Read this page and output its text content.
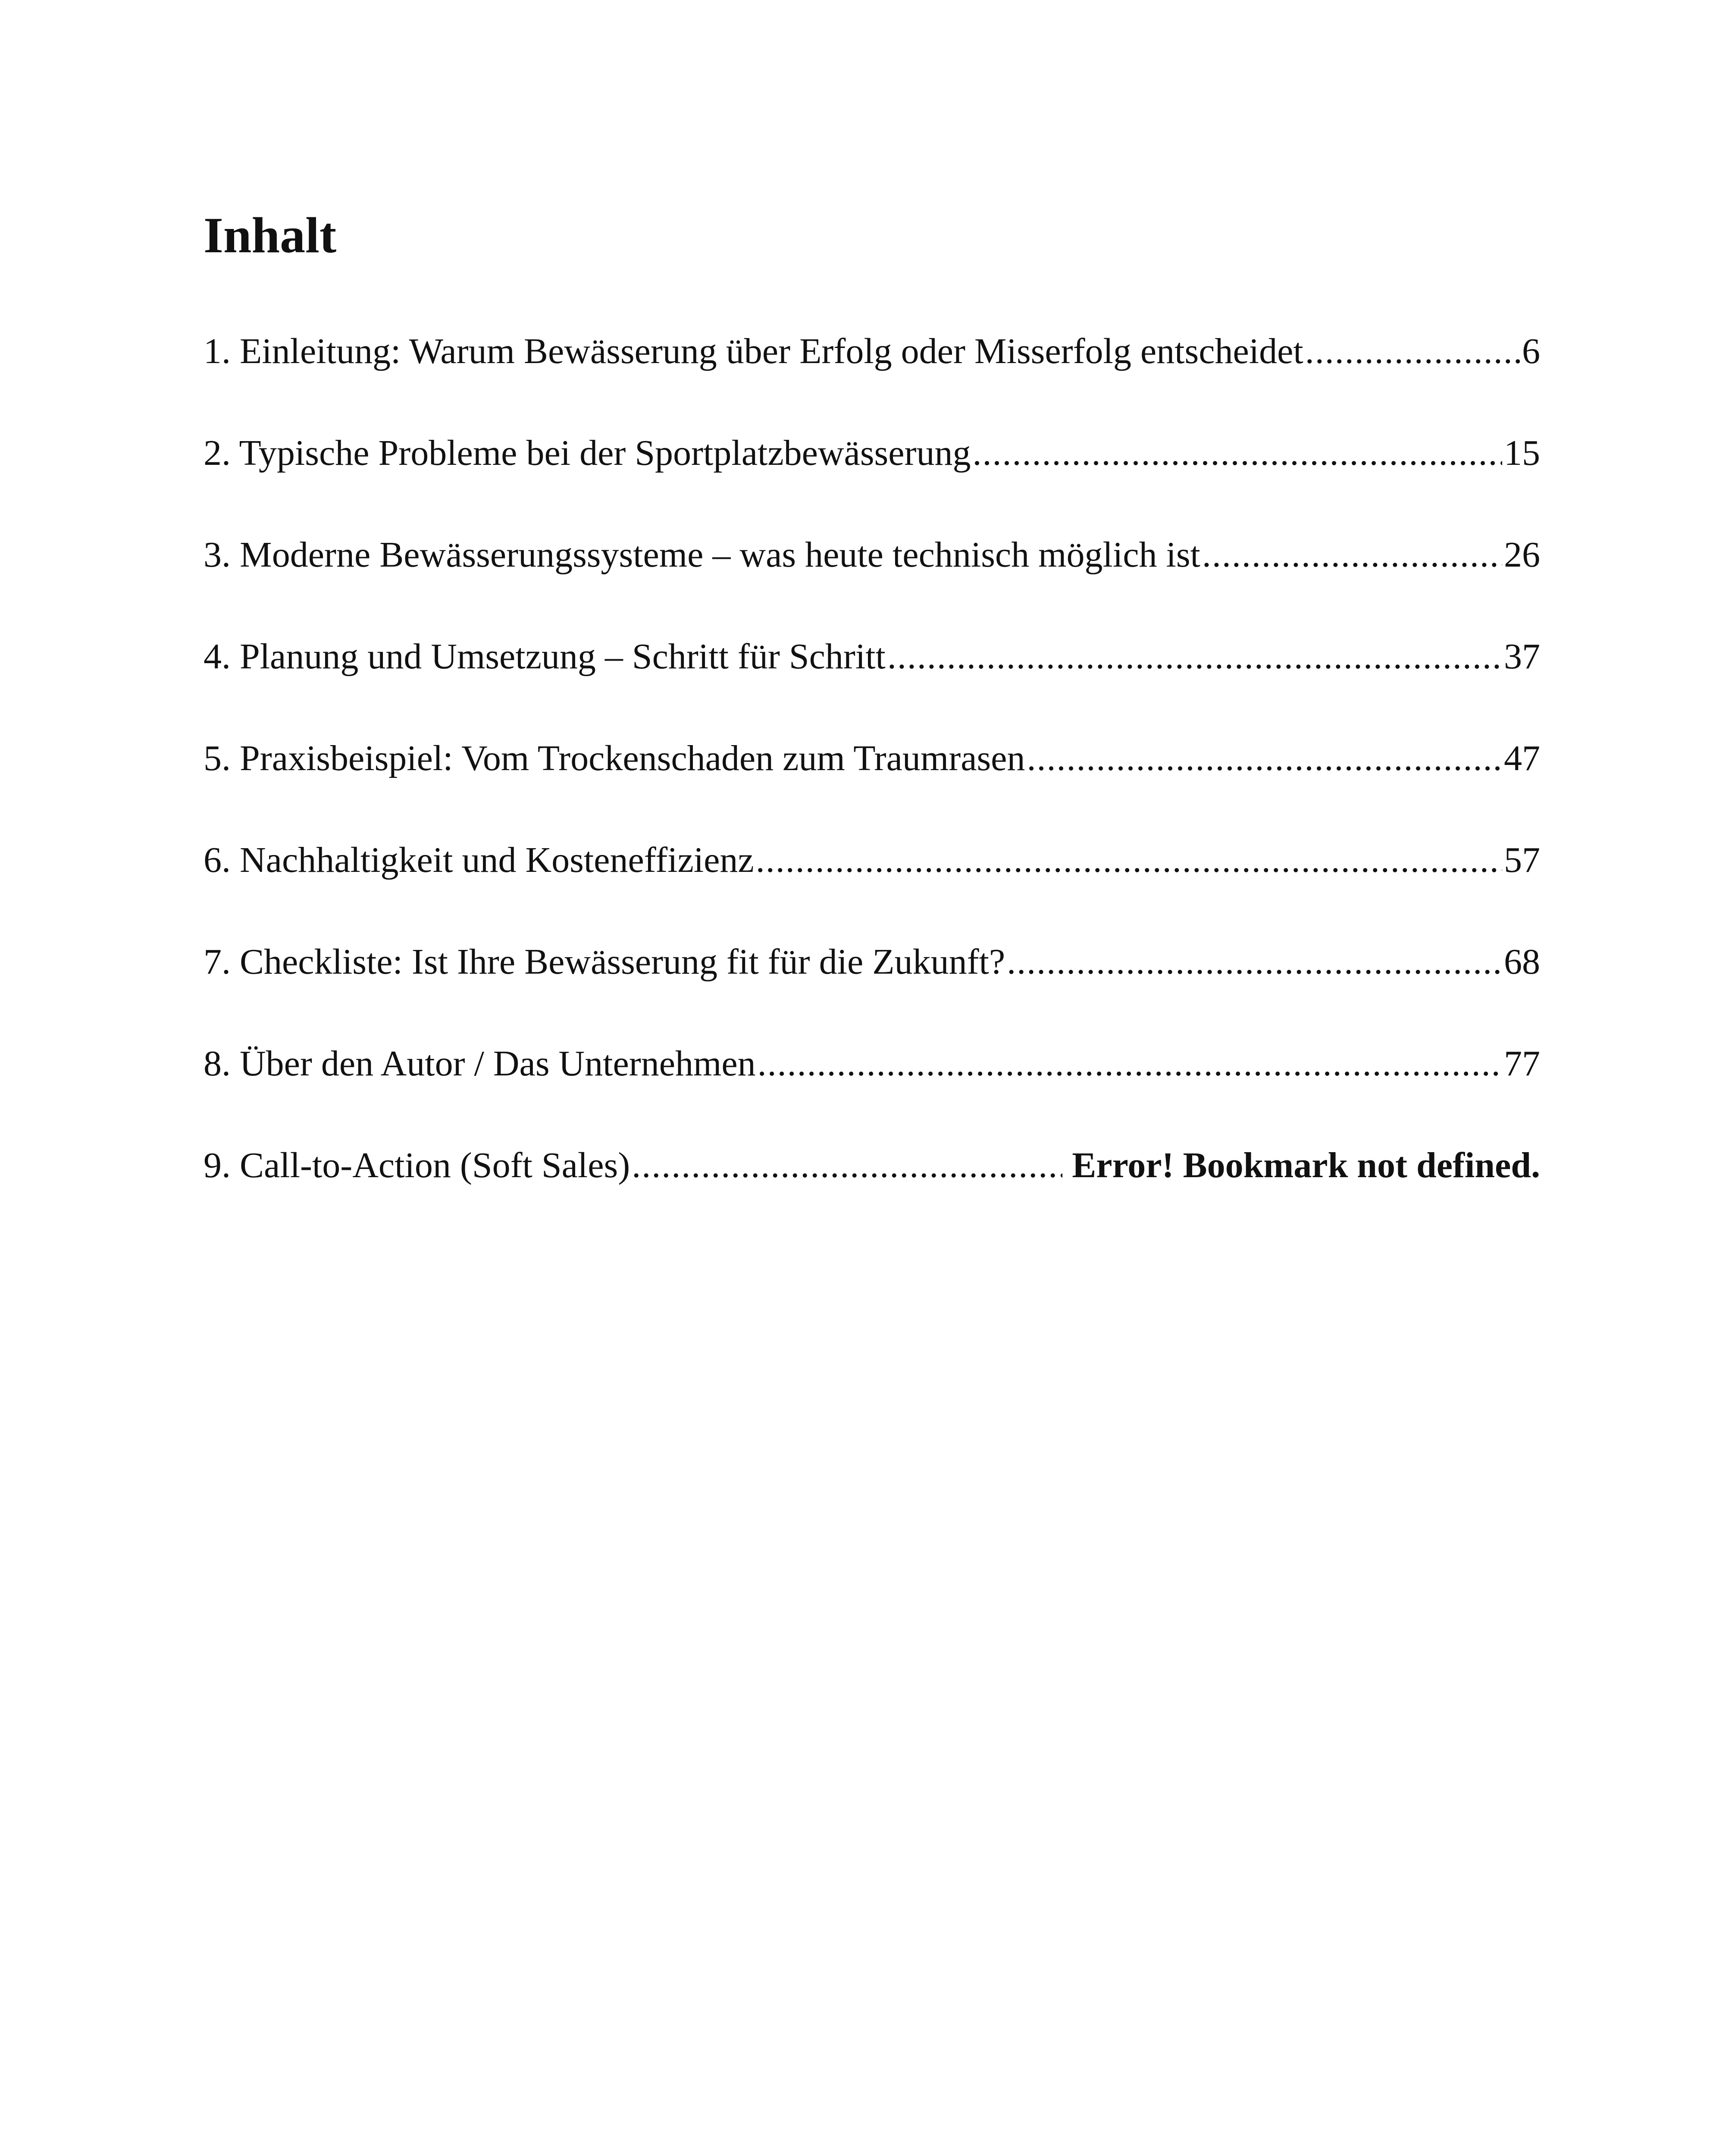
Inhalt
1. Einleitung: Warum Bewässerung über Erfolg oder Misserfolg entscheidet .....	6
2. Typische Probleme bei der Sportplatzbewässerung .....	15
3. Moderne Bewässerungssysteme – was heute technisch möglich ist .....	26
4. Planung und Umsetzung – Schritt für Schritt .....	37
5. Praxisbeispiel: Vom Trockenschaden zum Traumrasen .....	47
6. Nachhaltigkeit und Kosteneffizienz .....	57
7. Checkliste: Ist Ihre Bewässerung fit für die Zukunft? .....	68
8. Über den Autor / Das Unternehmen .....	77
9. Call-to-Action (Soft Sales) .....	Error! Bookmark not defined.
